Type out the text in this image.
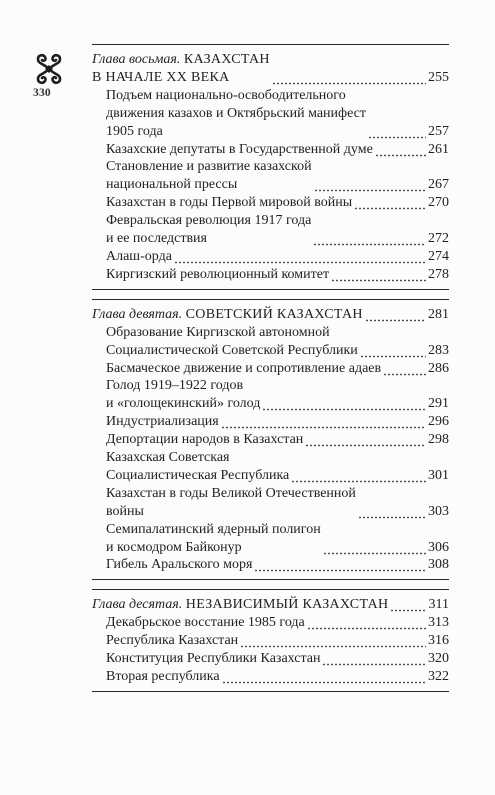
330
Глава восьмая. КАЗАХСТАН
В НАЧАЛЕ XX ВЕКА	255
Подъем национально-освободительного
движения казахов и Октябрьский манифест
1905 года	257
Казахские депутаты в Государственной думе	261
Становление и развитие казахской
национальной прессы	267
Казахстан в годы Первой мировой войны	270
Февральская революция 1917 года
и ее последствия	272
Алаш-орда	274
Киргизский революционный комитет	278
Глава девятая. СОВЕТСКИЙ КАЗАХСТАН	281
Образование Киргизской автономной
Социалистической Советской Республики	283
Басмаческое движение и сопротивление адаев	286
Голод 1919–1922 годов
и «голощекинский» голод	291
Индустриализация	296
Депортации народов в Казахстан	298
Казахская Советская
Социалистическая Республика	301
Казахстан в годы Великой Отечественной
войны	303
Семипалатинский ядерный полигон
и космодром Байконур	306
Гибель Аральского моря	308
Глава десятая. НЕЗАВИСИМЫЙ КАЗАХСТАН	311
Декабрьское восстание 1985 года	313
Республика Казахстан	316
Конституция Республики Казахстан	320
Вторая республика	322
